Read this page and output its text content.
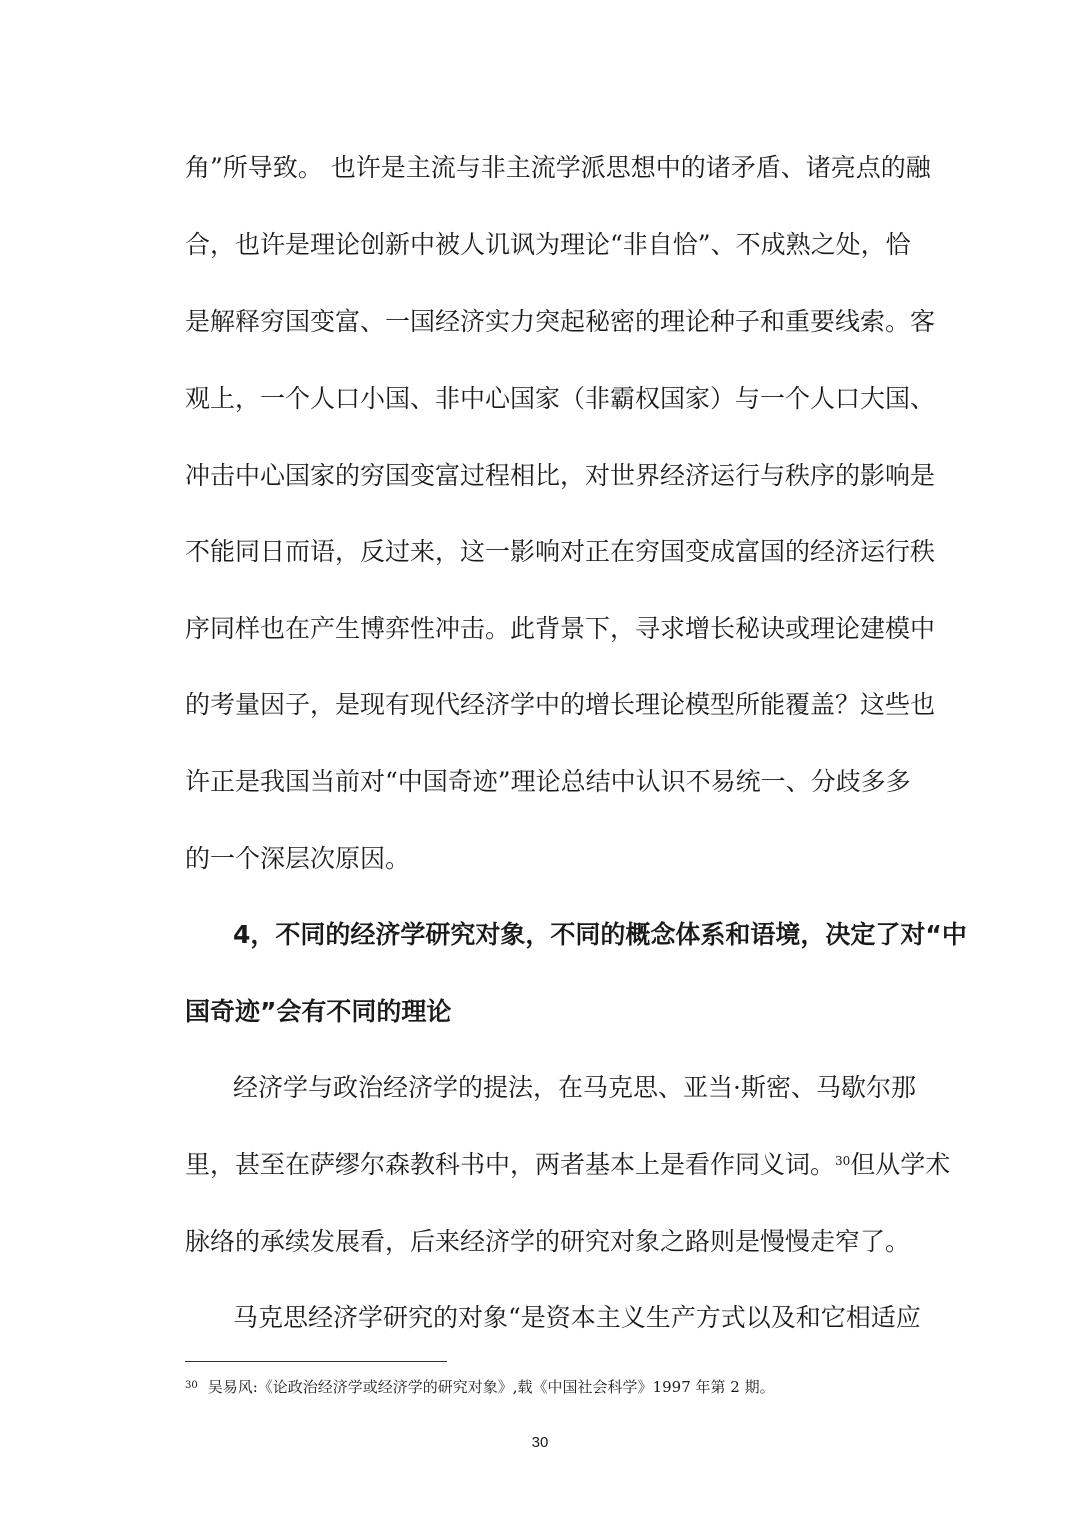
角”所导致。 也许是主流与非主流学派思想中的诸矛盾、诸亮点的融
合，也许是理论创新中被人讥讽为理论“非自恰”、不成熟之处，恰
是解释穷国变富、一国经济实力突起秘密的理论种子和重要线索。客
观上，一个人口小国、非中心国家（非霸权国家）与一个人口大国、
冲击中心国家的穷国变富过程相比，对世界经济运行与秩序的影响是
不能同日而语，反过来，这一影响对正在穷国变成富国的经济运行秩
序同样也在产生博弈性冲击。此背景下，寻求增长秘诀或理论建模中
的考量因子，是现有现代经济学中的增长理论模型所能覆盖？这些也
许正是我国当前对“中国奇迹”理论总结中认识不易统一、分歧多多
的一个深层次原因。
4，不同的经济学研究对象，不同的概念体系和语境，决定了对“中
国奇迹”会有不同的理论
经济学与政治经济学的提法，在马克思、亚当·斯密、马歇尔那
里，甚至在萨缪尔森教科书中，两者基本上是看作同义词。$^{30}$但从学术
脉络的承续发展看，后来经济学的研究对象之路则是慢慢走窄了。
马克思经济学研究的对象“是资本主义生产方式以及和它相适应
$^{30}$ 吴易风:《论政治经济学或经济学的研究对象》,载《中国社会科学》1997 年第 2 期。
30
